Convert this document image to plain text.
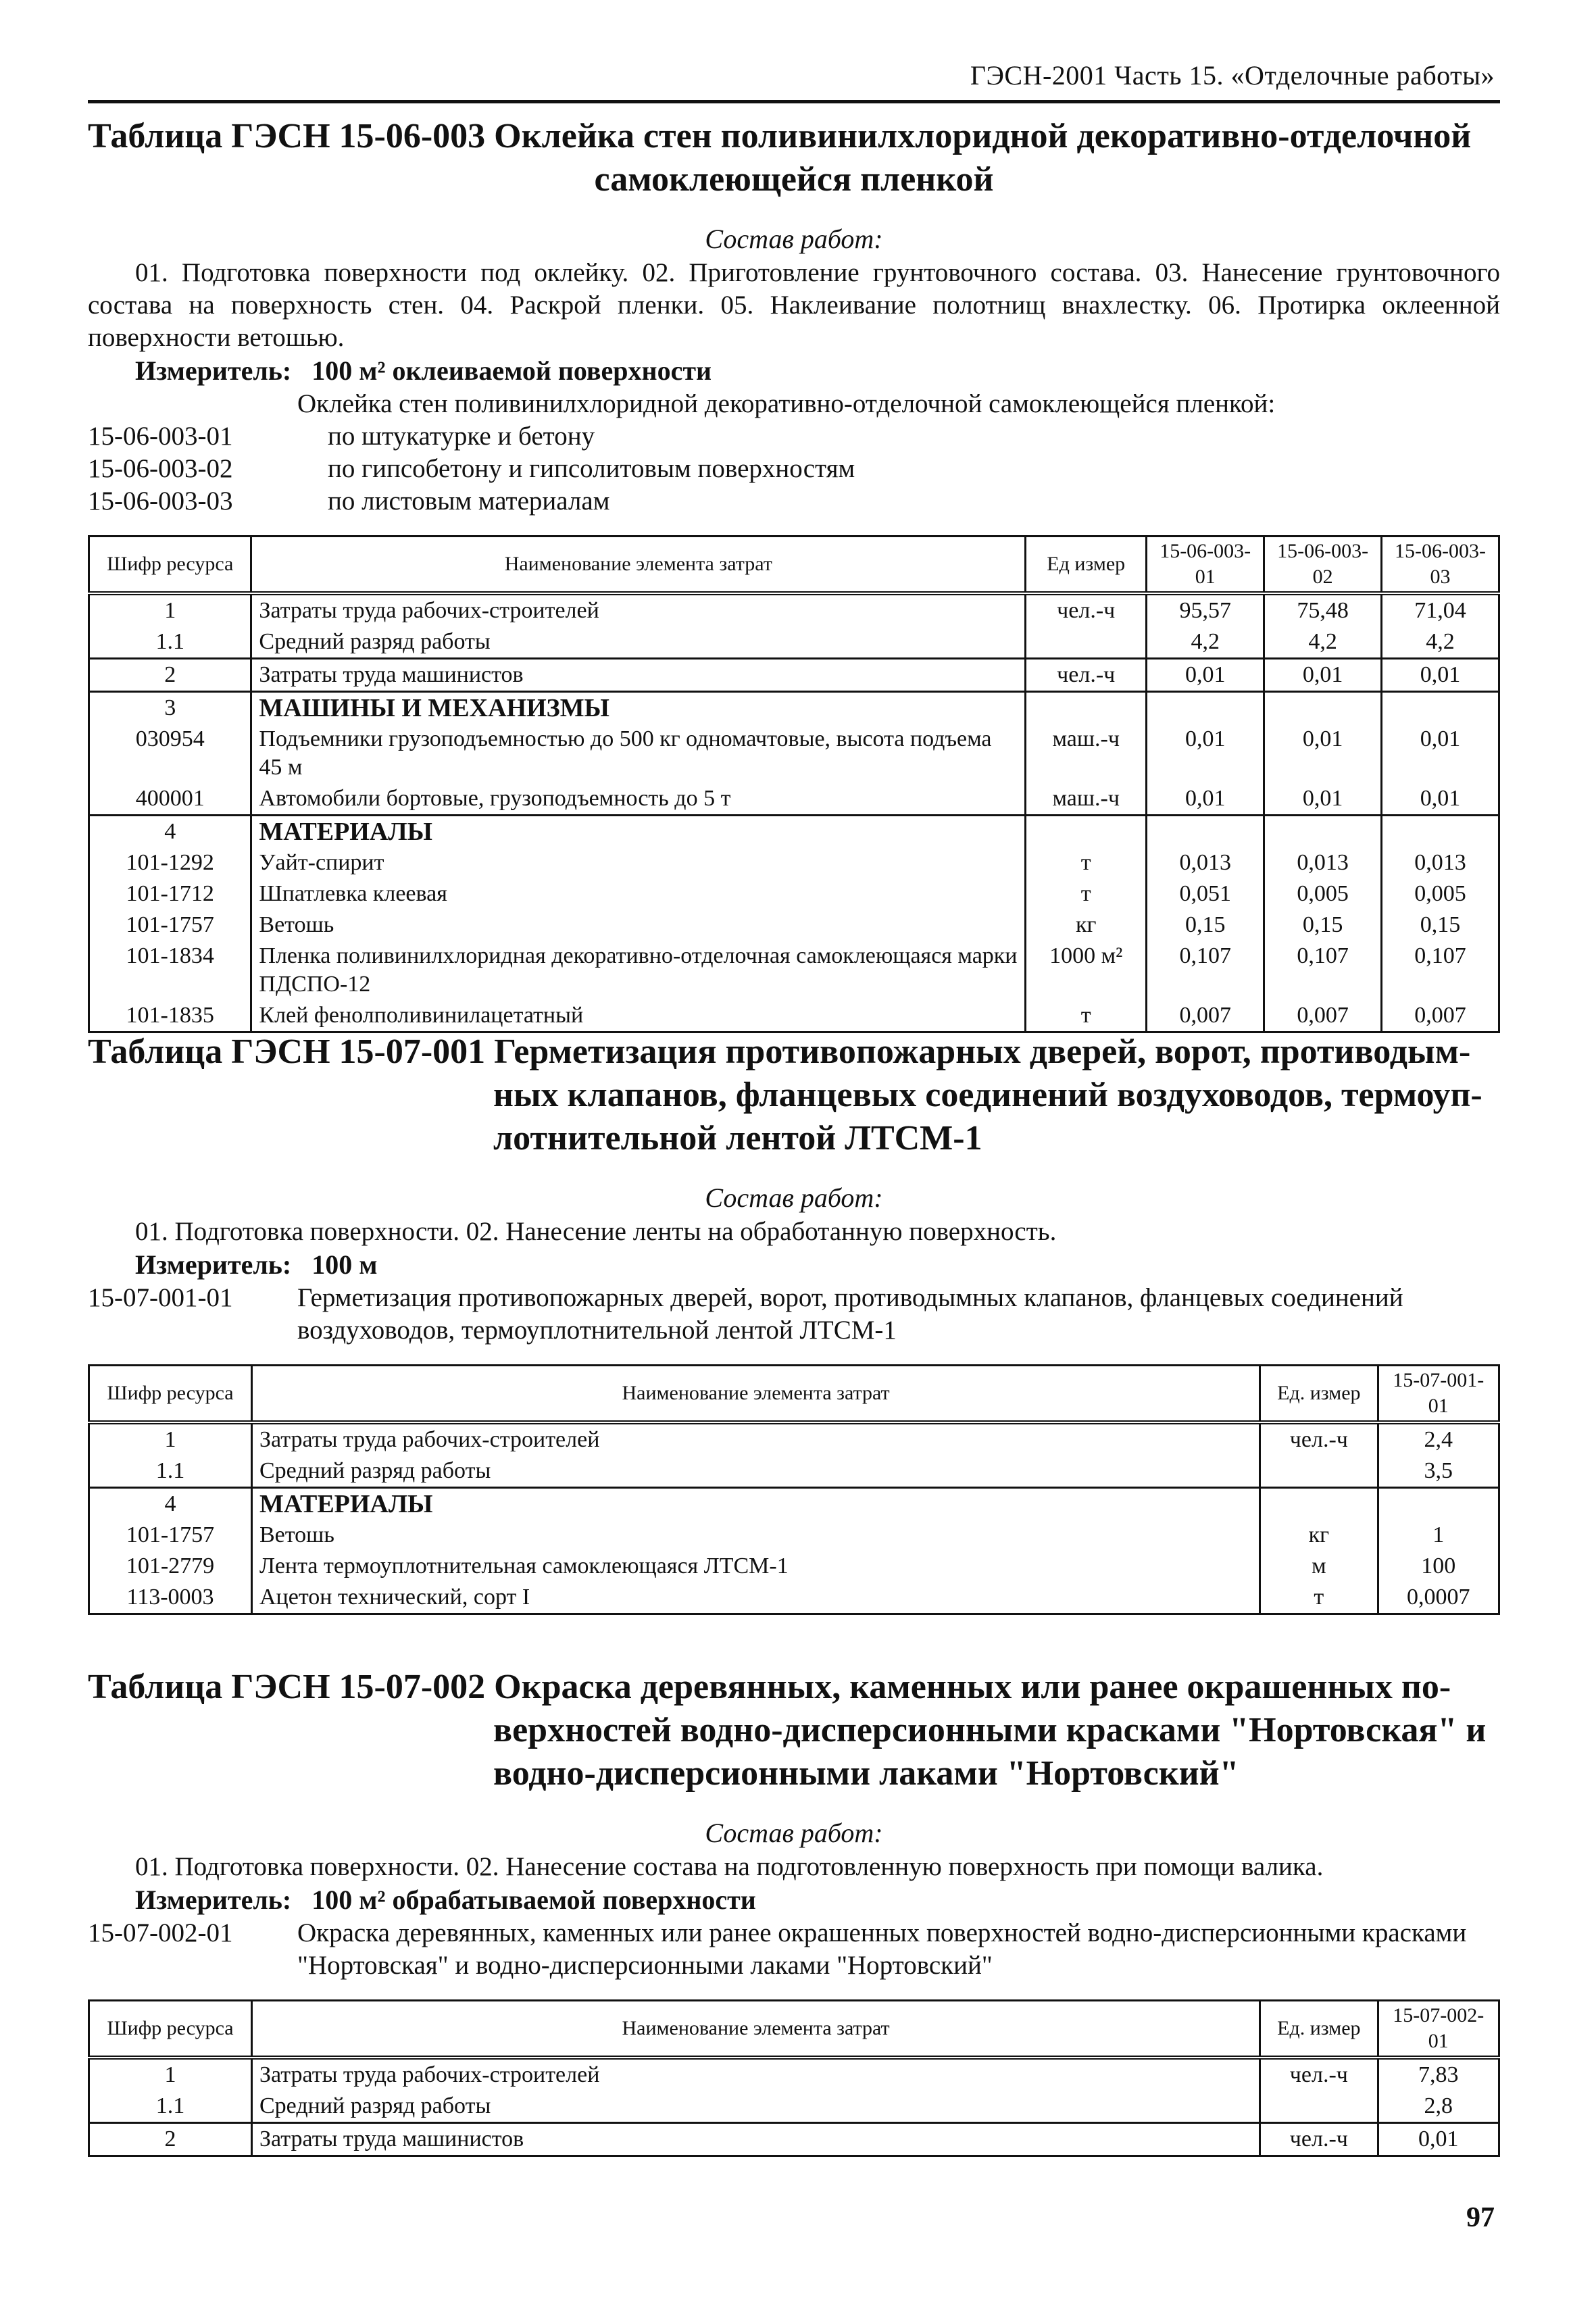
ГЭСН-2001 Часть 15. «Отделочные работы»
Таблица ГЭСН 15-06-003 Оклейка стен поливинилхлоридной декоративно-отделочной
самоклеющейся пленкой
Состав работ:
01. Подготовка поверхности под оклейку. 02. Приготовление грунтовочного состава. 03. Нанесение грунтовочного состава на поверхность стен. 04. Раскрой пленки. 05. Наклеивание полотнищ внахлестку. 06. Протирка оклеенной поверхности ветошью.
Измеритель: 100 м² оклеиваемой поверхности
Оклейка стен поливинилхлоридной декоративно-отделочной самоклеющейся пленкой:
15-06-003-01	по штукатурке и бетону
15-06-003-02	по гипсобетону и гипсолитовым поверхностям
15-06-003-03	по листовым материалам
Шифр ресурса	Наименование элемента затрат	Ед измер	15-06-003-01	15-06-003-02	15-06-003-03
1	Затраты труда рабочих-строителей	чел.-ч	95,57	75,48	71,04
1.1	Средний разряд работы		4,2	4,2	4,2
2	Затраты труда машинистов	чел.-ч	0,01	0,01	0,01
3	МАШИНЫ И МЕХАНИЗМЫ				
030954	Подъемники грузоподъемностью до 500 кг одномачтовые, высота подъема 45 м	маш.-ч	0,01	0,01	0,01
400001	Автомобили бортовые, грузоподъемность до 5 т	маш.-ч	0,01	0,01	0,01
4	МАТЕРИАЛЫ				
101-1292	Уайт-спирит	т	0,013	0,013	0,013
101-1712	Шпатлевка клеевая	т	0,051	0,005	0,005
101-1757	Ветошь	кг	0,15	0,15	0,15
101-1834	Пленка поливинилхлоридная декоративно-отделочная самоклеющаяся марки ПДСПО-12	1000 м²	0,107	0,107	0,107
101-1835	Клей фенолполивинилацетатный	т	0,007	0,007	0,007
Таблица ГЭСН 15-07-001 Герметизация противопожарных дверей, ворот, противодым-
ных клапанов, фланцевых соединений воздуховодов, термоуп-
лотнительной лентой ЛТСМ-1
Состав работ:
01. Подготовка поверхности. 02. Нанесение ленты на обработанную поверхность.
Измеритель: 100 м
15-07-001-01	Герметизация противопожарных дверей, ворот, противодымных клапанов, фланцевых соединений воздуховодов, термоуплотнительной лентой ЛТСМ-1
Шифр ресурса	Наименование элемента затрат	Ед. измер	15-07-001-01
1	Затраты труда рабочих-строителей	чел.-ч	2,4
1.1	Средний разряд работы		3,5
4	МАТЕРИАЛЫ		
101-1757	Ветошь	кг	1
101-2779	Лента термоуплотнительная самоклеющаяся ЛТСМ-1	м	100
113-0003	Ацетон технический, сорт I	т	0,0007
Таблица ГЭСН 15-07-002 Окраска деревянных, каменных или ранее окрашенных по-
верхностей водно-дисперсионными красками "Нортовская" и
водно-дисперсионными лаками "Нортовский"
Состав работ:
01. Подготовка поверхности. 02. Нанесение состава на подготовленную поверхность при помощи валика.
Измеритель: 100 м² обрабатываемой поверхности
15-07-002-01	Окраска деревянных, каменных или ранее окрашенных поверхностей водно-дисперсионными красками "Нортовская" и водно-дисперсионными лаками "Нортовский"
Шифр ресурса	Наименование элемента затрат	Ед. измер	15-07-002-01
1	Затраты труда рабочих-строителей	чел.-ч	7,83
1.1	Средний разряд работы		2,8
2	Затраты труда машинистов	чел.-ч	0,01
97
